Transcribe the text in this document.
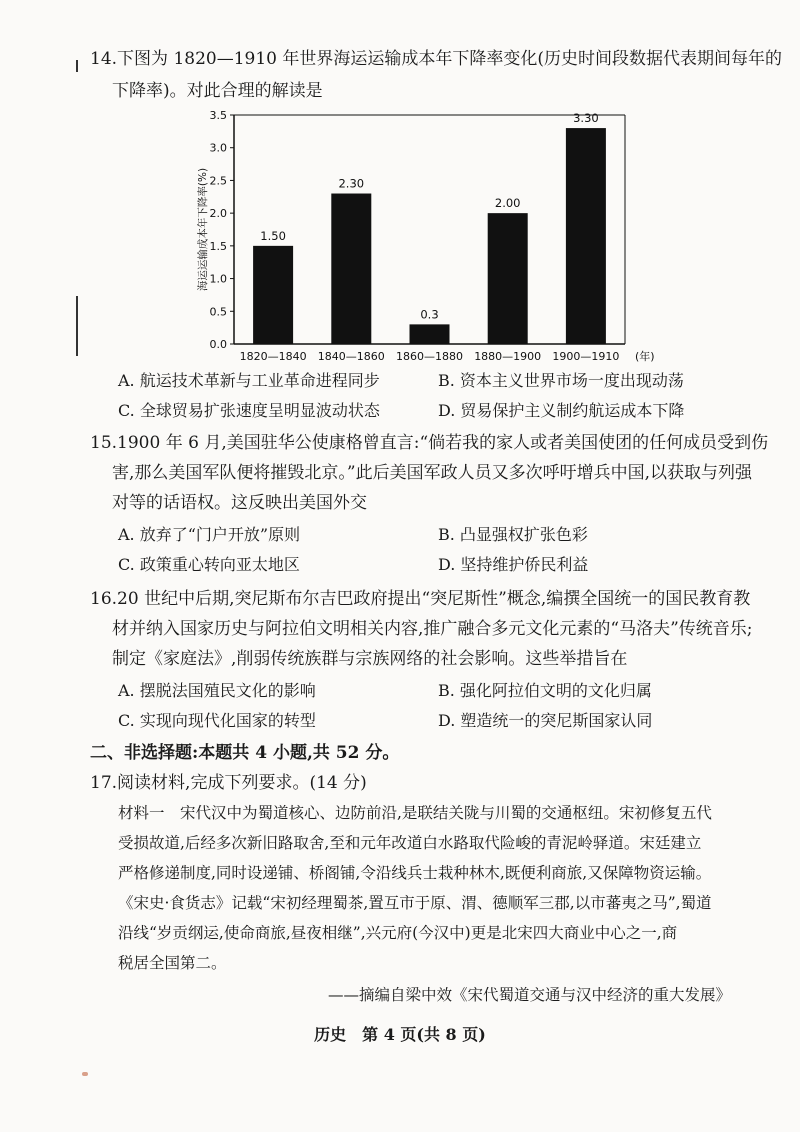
14.下图为 1820—1910 年世界海运运输成本年下降率变化(历史时间段数据代表期间每年的
下降率)。对此合理的解读是
0.0
0.5
1.0
1.5
2.0
2.5
3.0
3.5
海运运输成本年下降率(%)	1.50
1820—1840
2.30
1840—1860
0.3
1860—1880
2.00
1880—1900
3.30
1900—1910 (年)
A. 航运技术革新与工业革命进程同步	B. 资本主义世界市场一度出现动荡
C. 全球贸易扩张速度呈明显波动状态	D. 贸易保护主义制约航运成本下降
15.1900 年 6 月,美国驻华公使康格曾直言:“倘若我的家人或者美国使团的任何成员受到伤
害,那么美国军队便将摧毁北京。”此后美国军政人员又多次呼吁增兵中国,以获取与列强
对等的话语权。这反映出美国外交
A. 放弃了“门户开放”原则	B. 凸显强权扩张色彩
C. 政策重心转向亚太地区	D. 坚持维护侨民利益
16.20 世纪中后期,突尼斯布尔吉巴政府提出“突尼斯性”概念,编撰全国统一的国民教育教
材并纳入国家历史与阿拉伯文明相关内容,推广融合多元文化元素的“马洛夫”传统音乐;
制定《家庭法》,削弱传统族群与宗族网络的社会影响。这些举措旨在
A. 摆脱法国殖民文化的影响	B. 强化阿拉伯文明的文化归属
C. 实现向现代化国家的转型	D. 塑造统一的突尼斯国家认同
二、非选择题:本题共 4 小题,共 52 分。
17.阅读材料,完成下列要求。(14 分)
材料一　宋代汉中为蜀道核心、边防前沿,是联结关陇与川蜀的交通枢纽。宋初修复五代
受损故道,后经多次新旧路取舍,至和元年改道白水路取代险峻的青泥岭驿道。宋廷建立
严格修递制度,同时设递铺、桥阁铺,令沿线兵士栽种林木,既便利商旅,又保障物资运输。
《宋史·食货志》记载“宋初经理蜀茶,置互市于原、渭、德顺军三郡,以市蕃夷之马”,蜀道
沿线“岁贡纲运,使命商旅,昼夜相继”,兴元府(今汉中)更是北宋四大商业中心之一,商
税居全国第二。
——摘编自梁中效《宋代蜀道交通与汉中经济的重大发展》
历史　第 4 页(共 8 页)
